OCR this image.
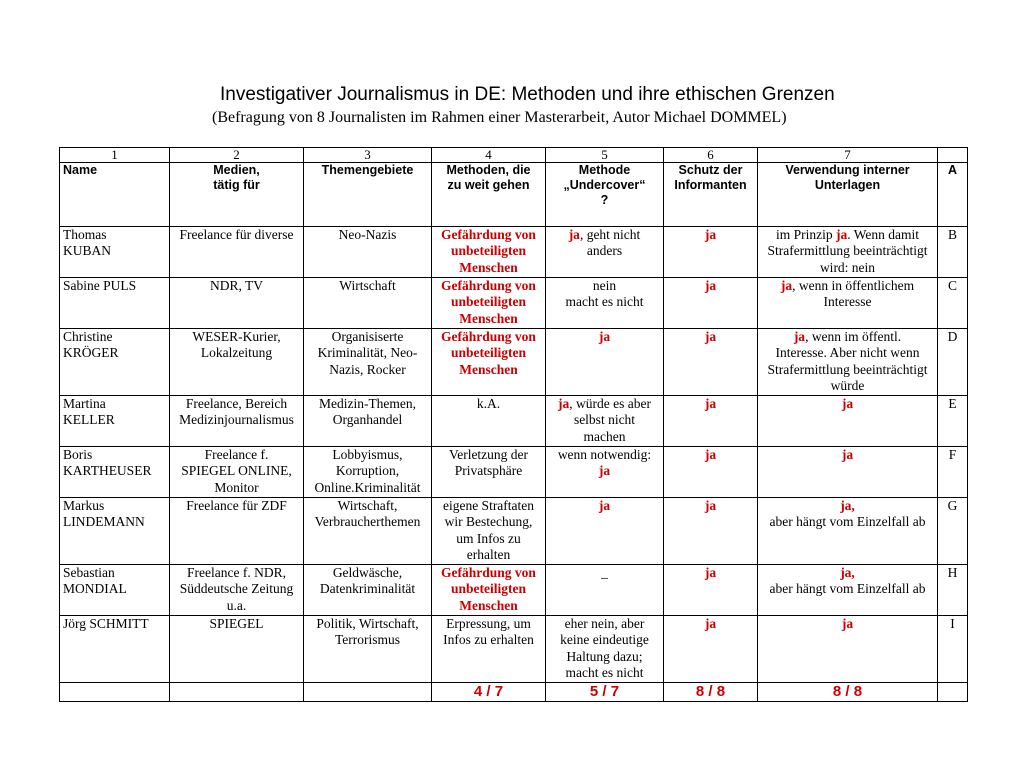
Investigativer Journalismus in DE: Methoden und ihre ethischen Grenzen
(Befragung von 8 Journalisten im Rahmen einer Masterarbeit, Autor Michael DOMMEL)
1	2	3	4	5	6	7	

Name	Medien,
tätig für	Themengebiete	Methoden, die
zu weit gehen	Methode
„Undercover“
?	Schutz der
Informanten	Verwendung interner
Unterlagen	A

Thomas
KUBAN	Freelance für diverse	Neo-Nazis	Gefährdung von
unbeteiligten
Menschen	ja, geht nicht
anders	ja	im Prinzip ja. Wenn damit
Strafermittlung beeinträchtigt
wird: nein	B

Sabine PULS	NDR, TV	Wirtschaft	Gefährdung von
unbeteiligten
Menschen	nein
macht es nicht	ja	ja, wenn in öffentlichem
Interesse	C

Christine
KRÖGER	WESER-Kurier,
Lokalzeitung	Organisiserte
Kriminalität, Neo-
Nazis, Rocker	Gefährdung von
unbeteiligten
Menschen	ja	ja	ja, wenn im öffentl.
Interesse. Aber nicht wenn
Strafermittlung beeinträchtigt
würde	D

Martina
KELLER	Freelance, Bereich
Medizinjournalismus	Medizin-Themen,
Organhandel	k.A.	ja, würde es aber
selbst nicht
machen	ja	ja	E

Boris
KARTHEUSER	Freelance f.
SPIEGEL ONLINE,
Monitor	Lobbyismus,
Korruption,
Online.Kriminalität	Verletzung der
Privatsphäre	wenn notwendig:
ja	ja	ja	F

Markus
LINDEMANN	Freelance für ZDF	Wirtschaft,
Verbraucherthemen	eigene Straftaten
wir Bestechung,
um Infos zu
erhalten	ja	ja	ja,
aber hängt vom Einzelfall ab	G

Sebastian
MONDIAL	Freelance f. NDR,
Süddeutsche Zeitung
u.a.	Geldwäsche,
Datenkriminalität	Gefährdung von
unbeteiligten
Menschen	_	ja	ja,
aber hängt vom Einzelfall ab	H

Jörg SCHMITT	SPIEGEL	Politik, Wirtschaft,
Terrorismus	Erpressung, um
Infos zu erhalten	eher nein, aber
keine eindeutige
Haltung dazu;
macht es nicht	ja	ja	I
			4 / 7	5 / 7	8 / 8	8 / 8	
